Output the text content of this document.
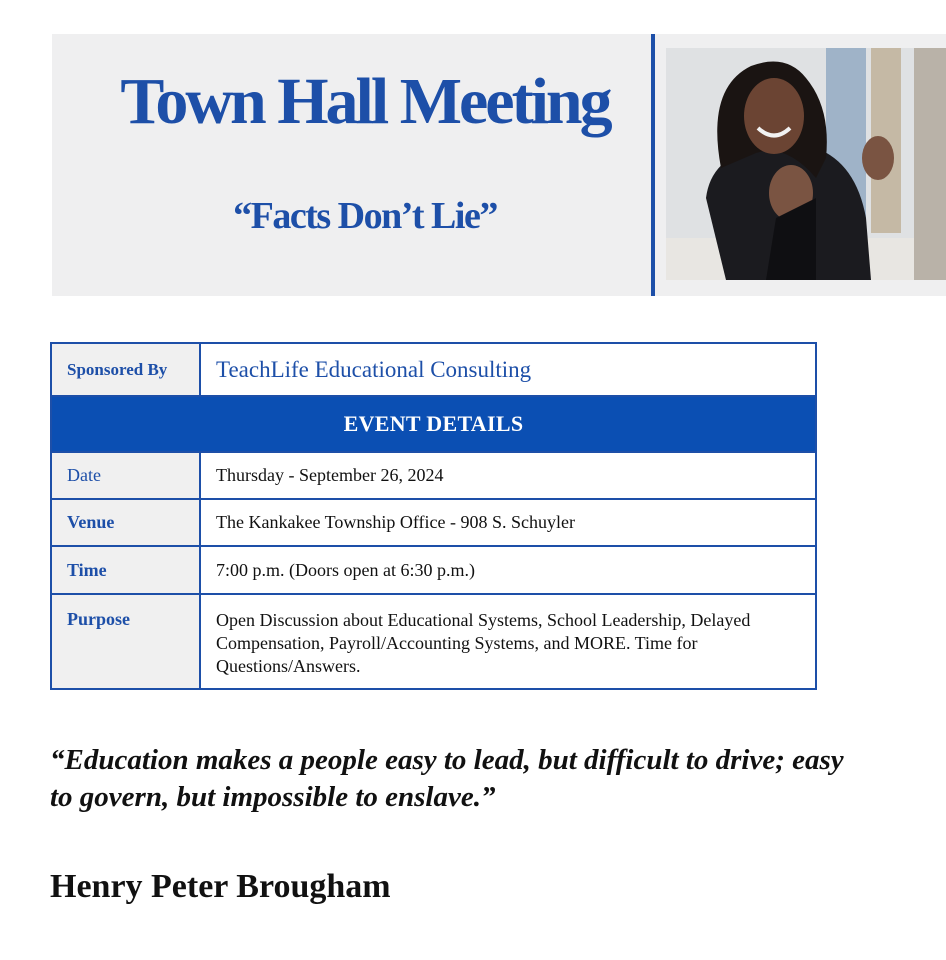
Town Hall Meeting
“Facts Don’t Lie”
Sponsored By	TeachLife Educational Consulting
EVENT DETAILS	
Date	Thursday - September 26, 2024
Venue	The Kankakee Township Office - 908 S. Schuyler
Time	7:00 p.m. (Doors open at 6:30 p.m.)
Purpose	Open Discussion about Educational Systems, School Leadership, Delayed Compensation, Payroll/Accounting Systems, and MORE. Time for Questions/Answers.

“Education makes a people easy to lead, but difficult to drive; easy to govern, but impossible to enslave.”

Henry Peter Brougham
